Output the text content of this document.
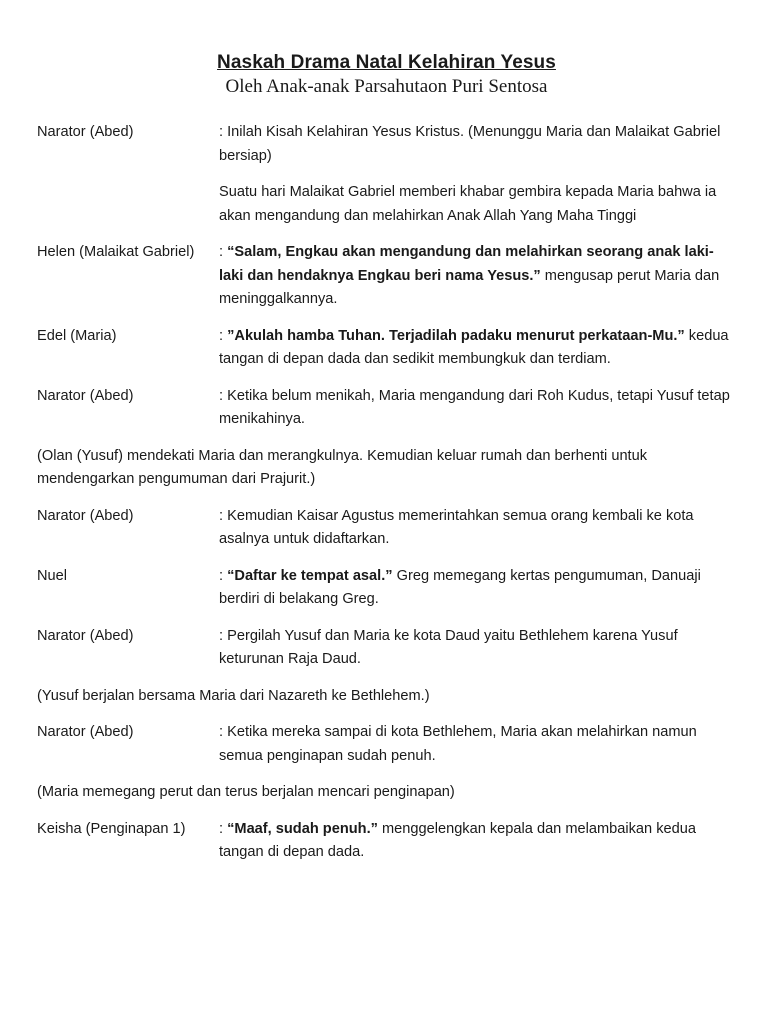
Naskah Drama Natal Kelahiran Yesus
Oleh Anak-anak Parsahutaon Puri Sentosa
Narator (Abed)	: Inilah Kisah Kelahiran Yesus Kristus. (Menunggu Maria dan Malaikat Gabriel bersiap)

Suatu hari Malaikat Gabriel memberi khabar gembira kepada Maria bahwa ia akan mengandung dan melahirkan Anak Allah Yang Maha Tinggi

Helen (Malaikat Gabriel)	: “Salam, Engkau akan mengandung dan melahirkan seorang anak laki-laki dan hendaknya Engkau beri nama Yesus.” mengusap perut Maria dan meninggalkannya.

Edel (Maria)	: ”Akulah hamba Tuhan. Terjadilah padaku menurut perkataan-Mu.” kedua tangan di depan dada dan sedikit membungkuk dan terdiam.

Narator (Abed)	: Ketika belum menikah, Maria mengandung dari Roh Kudus, tetapi Yusuf tetap menikahinya.

(Olan (Yusuf) mendekati Maria dan merangkulnya. Kemudian keluar rumah dan berhenti untuk mendengarkan pengumuman dari Prajurit.)
Narator (Abed)	: Kemudian Kaisar Agustus memerintahkan semua orang kembali ke kota asalnya untuk didaftarkan.

Nuel	: “Daftar ke tempat asal.” Greg memegang kertas pengumuman, Danuaji berdiri di belakang Greg.

Narator (Abed)	: Pergilah Yusuf dan Maria ke kota Daud yaitu Bethlehem karena Yusuf keturunan Raja Daud.

(Yusuf berjalan bersama Maria dari Nazareth ke Bethlehem.)
Narator (Abed)	: Ketika mereka sampai di kota Bethlehem, Maria akan melahirkan namun semua penginapan sudah penuh.

(Maria memegang perut dan terus berjalan mencari penginapan)
Keisha (Penginapan 1)	: “Maaf, sudah penuh.” menggelengkan kepala dan melambaikan kedua tangan di depan dada.
